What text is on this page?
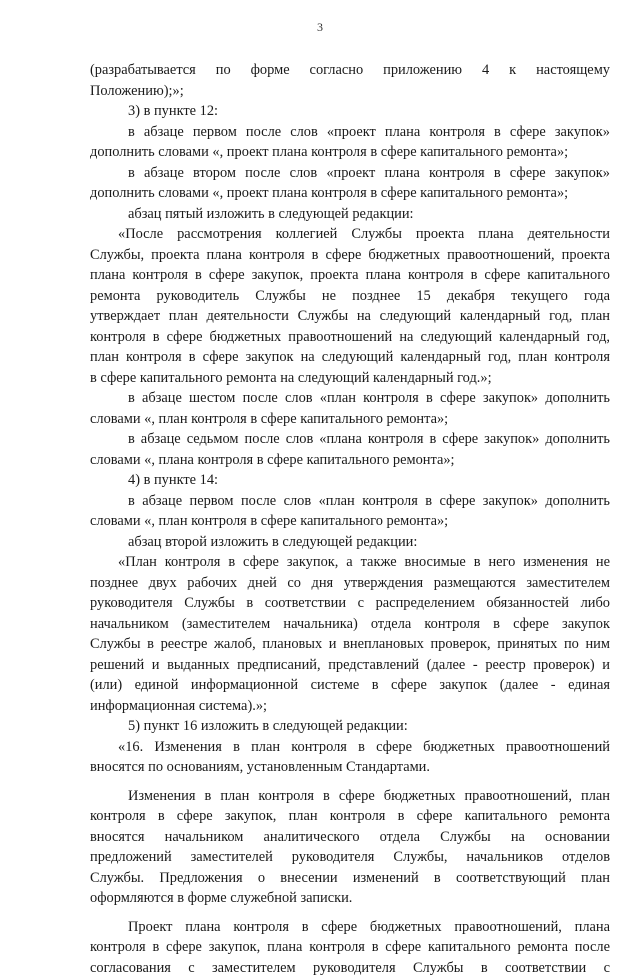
3
(разрабатывается по форме согласно приложению 4 к настоящему
Положению);»;
3) в пункте 12:
в абзаце первом после слов «проект плана контроля в сфере закупок»
дополнить словами «, проект плана контроля в сфере капитального ремонта»;
в абзаце втором после слов «проект плана контроля в сфере закупок»
дополнить словами «, проект плана контроля в сфере капитального ремонта»;
абзац пятый изложить в следующей редакции:
«После рассмотрения коллегией Службы проекта плана деятельности
Службы, проекта плана контроля в сфере бюджетных правоотношений, проекта
плана контроля в сфере закупок, проекта плана контроля в сфере капитального
ремонта руководитель Службы не позднее 15 декабря текущего года
утверждает план деятельности Службы на следующий календарный год, план
контроля в сфере бюджетных правоотношений на следующий календарный год,
план контроля в сфере закупок на следующий календарный год, план контроля
в сфере капитального ремонта на следующий календарный год.»;
в абзаце шестом после слов «план контроля в сфере закупок» дополнить
словами «, план контроля в сфере капитального ремонта»;
в абзаце седьмом после слов «плана контроля в сфере закупок» дополнить
словами «, плана контроля в сфере капитального ремонта»;
4) в пункте 14:
в абзаце первом после слов «план контроля в сфере закупок» дополнить
словами «, план контроля в сфере капитального ремонта»;
абзац второй изложить в следующей редакции:
«План контроля в сфере закупок, а также вносимые в него изменения не
позднее двух рабочих дней со дня утверждения размещаются заместителем
руководителя Службы в соответствии с распределением обязанностей либо
начальником (заместителем начальника) отдела контроля в сфере закупок
Службы в реестре жалоб, плановых и внеплановых проверок, принятых по ним
решений и выданных предписаний, представлений (далее - реестр проверок) и
(или) единой информационной системе в сфере закупок (далее - единая
информационная система).»;
5) пункт 16 изложить в следующей редакции:
«16. Изменения в план контроля в сфере бюджетных правоотношений
вносятся по основаниям, установленным Стандартами.
Изменения в план контроля в сфере бюджетных правоотношений, план
контроля в сфере закупок, план контроля в сфере капитального ремонта
вносятся начальником аналитического отдела Службы на основании
предложений заместителей руководителя Службы, начальников отделов
Службы. Предложения о внесении изменений в соответствующий план
оформляются в форме служебной записки.
Проект плана контроля в сфере бюджетных правоотношений, плана
контроля в сфере закупок, плана контроля в сфере капитального ремонта после
согласования с заместителем руководителя Службы в соответствии с
